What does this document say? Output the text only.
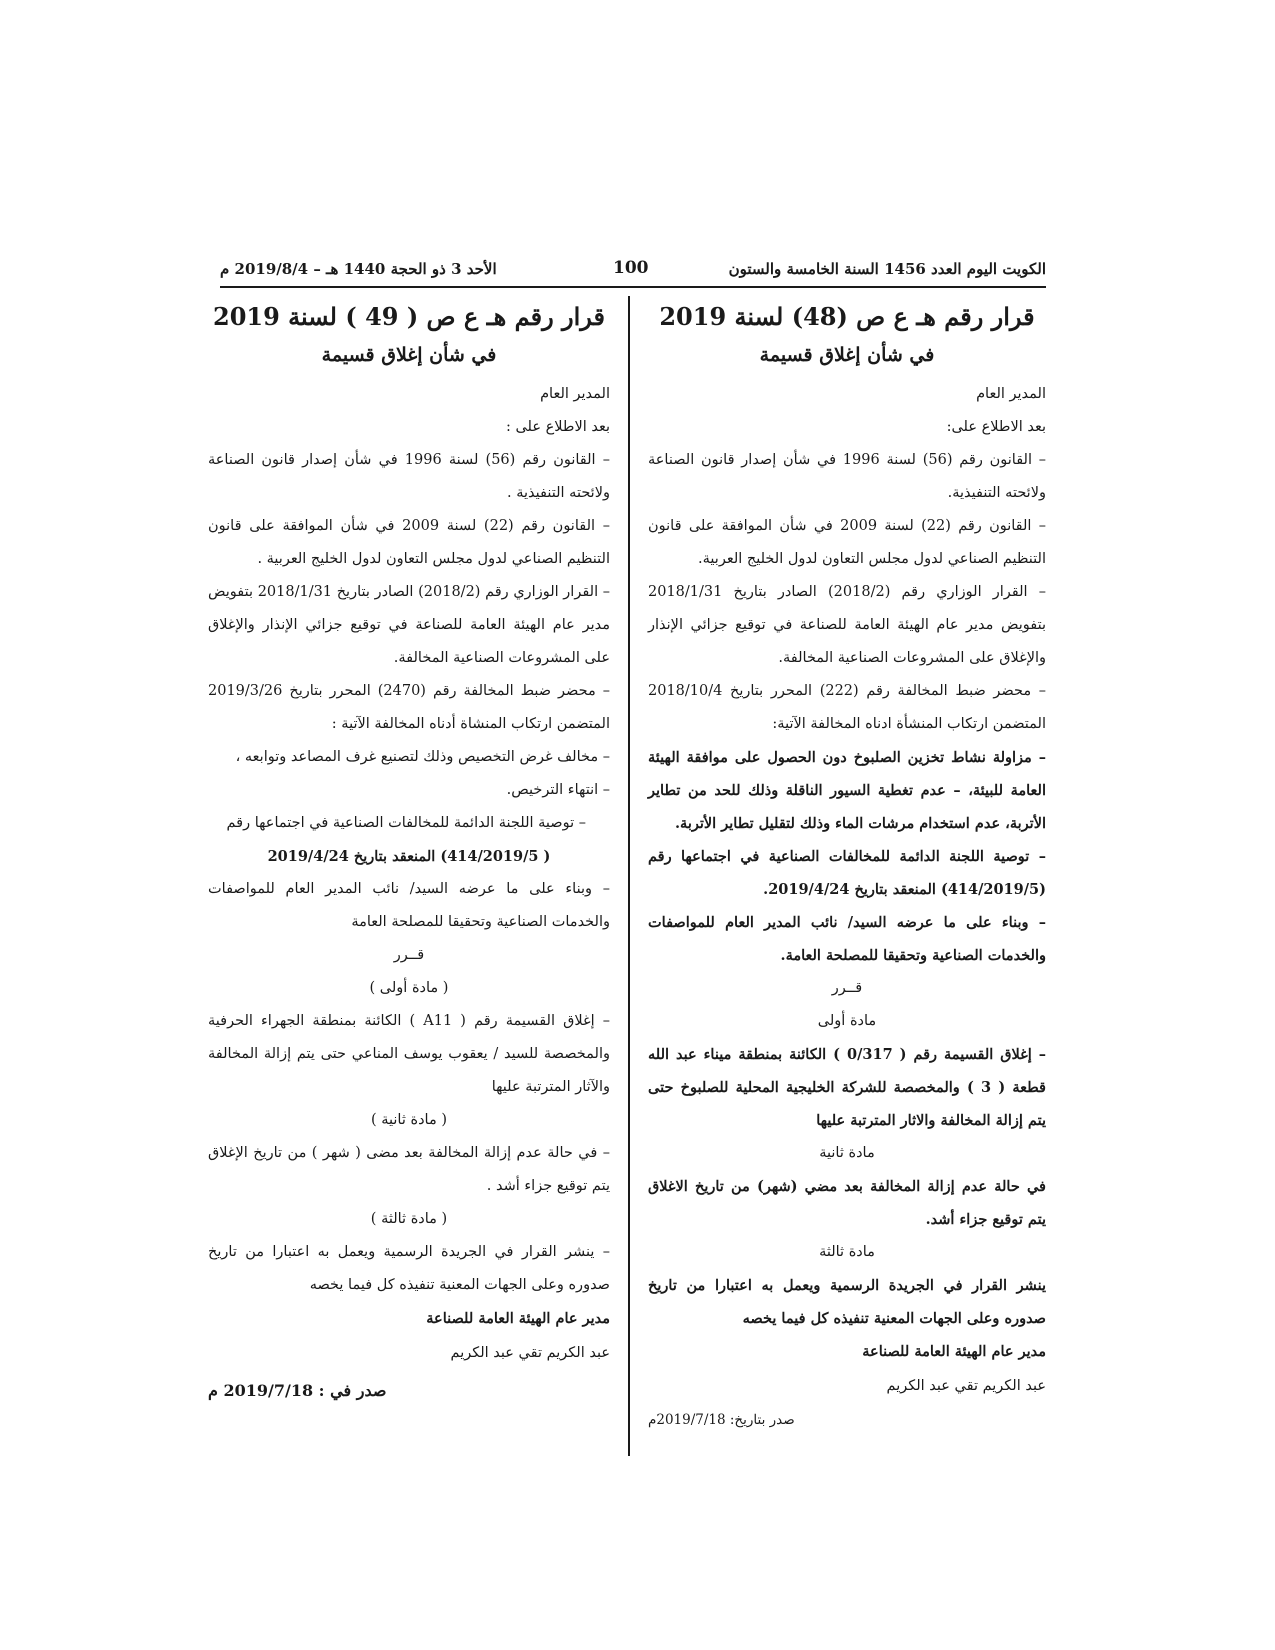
الكويت اليوم العدد 1456 السنة الخامسة والستون
100
الأحد 3 ذو الحجة 1440 هـ – 2019/8/4 م
قرار رقم هـ ع ص (48) لسنة 2019
في شأن إغلاق قسيمة
المدير العام
بعد الاطلاع على:
– القانون رقم (56) لسنة 1996 في شأن إصدار قانون الصناعة ولائحته التنفيذية.
– القانون رقم (22) لسنة 2009 في شأن الموافقة على قانون التنظيم الصناعي لدول مجلس التعاون لدول الخليج العربية.
– القرار الوزاري رقم (2018/2) الصادر بتاريخ 2018/1/31 بتفويض مدير عام الهيئة العامة للصناعة في توقيع جزائي الإنذار والإغلاق على المشروعات الصناعية المخالفة.
– محضر ضبط المخالفة رقم (222) المحرر بتاريخ 2018/10/4 المتضمن ارتكاب المنشأة ادناه المخالفة الآتية:
– مزاولة نشاط تخزين الصلبوخ دون الحصول على موافقة الهيئة العامة للبيئة، – عدم تغطية السيور الناقلة وذلك للحد من تطاير الأتربة، عدم استخدام مرشات الماء وذلك لتقليل تطاير الأتربة.
– توصية اللجنة الدائمة للمخالفات الصناعية في اجتماعها رقم (414/2019/5) المنعقد بتاريخ 2019/4/24.
– وبناء على ما عرضه السيد/ نائب المدير العام للمواصفات والخدمات الصناعية وتحقيقا للمصلحة العامة.
قــرر
مادة أولى
– إغلاق القسيمة رقم ( 0/317 ) الكائنة بمنطقة ميناء عبد الله قطعة ( 3 ) والمخصصة للشركة الخليجية المحلية للصلبوخ حتى يتم إزالة المخالفة والاثار المترتبة عليها
مادة ثانية
في حالة عدم إزالة المخالفة بعد مضي (شهر) من تاريخ الاغلاق يتم توقيع جزاء أشد.
مادة ثالثة
ينشر القرار في الجريدة الرسمية ويعمل به اعتبارا من تاريخ صدوره وعلى الجهات المعنية تنفيذه كل فيما يخصه
مدير عام الهيئة العامة للصناعة
عبد الكريم تقي عبد الكريم
صدر بتاريخ: 2019/7/18م
قرار رقم هـ ع ص ( 49 ) لسنة 2019
في شأن إغلاق قسيمة
المدير العام
بعد الاطلاع على :
– القانون رقم (56) لسنة 1996 في شأن إصدار قانون الصناعة ولائحته التنفيذية .
– القانون رقم (22) لسنة 2009 في شأن الموافقة على قانون التنظيم الصناعي لدول مجلس التعاون لدول الخليج العربية .
– القرار الوزاري رقم (2018/2) الصادر بتاريخ 2018/1/31 بتفويض مدير عام الهيئة العامة للصناعة في توقيع جزائي الإنذار والإغلاق على المشروعات الصناعية المخالفة.
– محضر ضبط المخالفة رقم (2470) المحرر بتاريخ 2019/3/26 المتضمن ارتكاب المنشاة أدناه المخالفة الآتية :
– مخالف غرض التخصيص وذلك لتصنيع غرف المصاعد وتوابعه ،
– انتهاء الترخيص.
– توصية اللجنة الدائمة للمخالفات الصناعية في اجتماعها رقم
( 414/2019/5) المنعقد بتاريخ 2019/4/24
– وبناء على ما عرضه السيد/ نائب المدير العام للمواصفات والخدمات الصناعية وتحقيقا للمصلحة العامة
قــرر
( مادة أولى )
– إغلاق القسيمة رقم ( A11 ) الكائنة بمنطقة الجهراء الحرفية والمخصصة للسيد / يعقوب يوسف المناعي حتى يتم إزالة المخالفة والآثار المترتبة عليها
( مادة ثانية )
– في حالة عدم إزالة المخالفة بعد مضى ( شهر ) من تاريخ الإغلاق يتم توقيع جزاء أشد .
( مادة ثالثة )
– ينشر القرار في الجريدة الرسمية ويعمل به اعتبارا من تاريخ صدوره وعلى الجهات المعنية تنفيذه كل فيما يخصه
مدير عام الهيئة العامة للصناعة
عبد الكريم تقي عبد الكريم
صدر في : 2019/7/18 م
